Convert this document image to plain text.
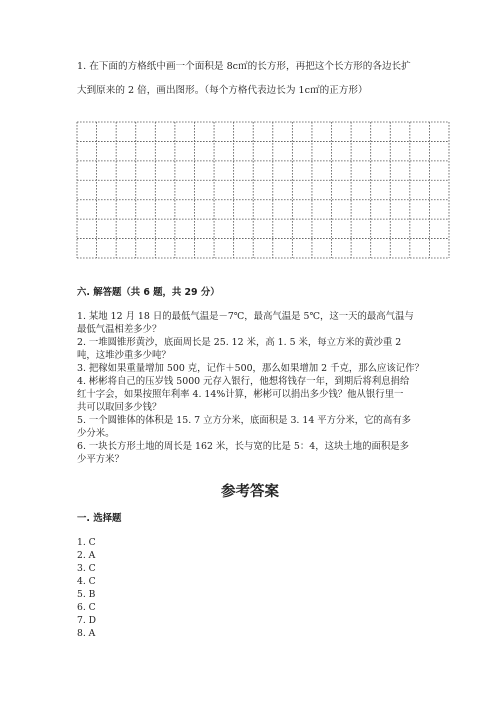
1. 在下面的方格纸中画一个面积是 8c㎡的长方形，再把这个长方形的各边长扩
大到原来的 2 倍，画出图形。（每个方格代表边长为 1c㎡的正方形）
六. 解答题（共 6 题，共 29 分）
1. 某地 12 月 18 日的最低气温是－7℃，最高气温是 5℃，这一天的最高气温与
最低气温相差多少？
2. 一堆圆锥形黄沙，底面周长是 25. 12 米，高 1. 5 米，每立方米的黄沙重 2
吨，这堆沙重多少吨？
3. 把稼如果重量增加 500 克，记作＋500，那么如果增加 2 千克，那么应该记作？
4. 彬彬将自己的压岁钱 5000 元存入银行，他想将钱存一年，到期后将利息捐给
红十字会，如果按照年利率 4. 14%计算，彬彬可以捐出多少钱？他从银行里一
共可以取回多少钱？
5. 一个圆锥体的体积是 15. 7 立方分米，底面积是 3. 14 平方分米，它的高有多
少分米。
6. 一块长方形土地的周长是 162 米，长与宽的比是 5：4，这块土地的面积是多
少平方米？
参考答案
一. 选择题
1. C
2. A
3. C
4. C
5. B
6. C
7. D
8. A
